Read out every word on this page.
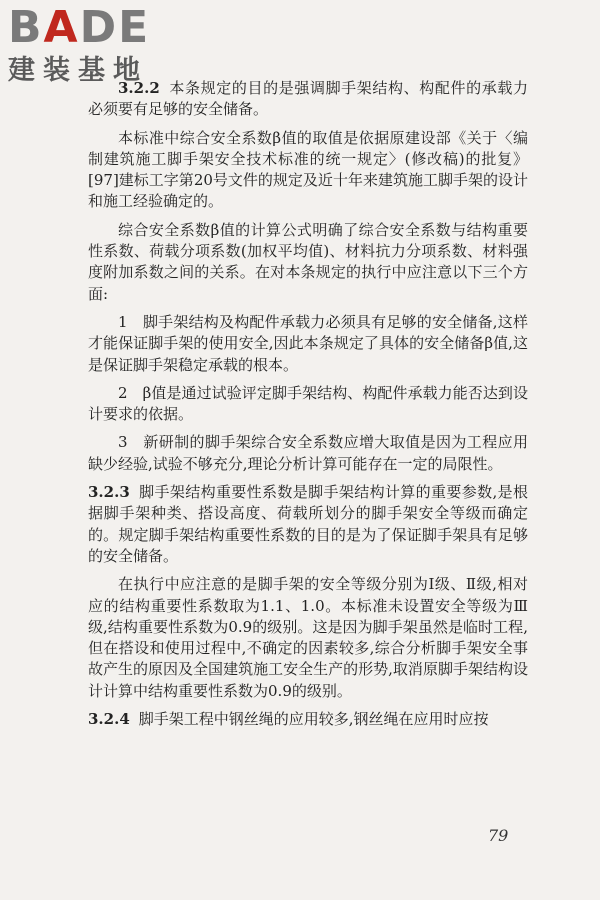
BADE
建装基地

3.2.2 本条规定的目的是强调脚手架结构、构配件的承载力必须要有足够的安全储备。

本标准中综合安全系数β值的取值是依据原建设部《关于〈编制建筑施工脚手架安全技术标准的统一规定〉(修改稿)的批复》[97]建标工字第20号文件的规定及近十年来建筑施工脚手架的设计和施工经验确定的。

综合安全系数β值的计算公式明确了综合安全系数与结构重要性系数、荷载分项系数(加权平均值)、材料抗力分项系数、材料强度附加系数之间的关系。在对本条规定的执行中应注意以下三个方面:

1　脚手架结构及构配件承载力必须具有足够的安全储备,这样才能保证脚手架的使用安全,因此本条规定了具体的安全储备β值,这是保证脚手架稳定承载的根本。

2　β值是通过试验评定脚手架结构、构配件承载力能否达到设计要求的依据。

3　新研制的脚手架综合安全系数应增大取值是因为工程应用缺少经验,试验不够充分,理论分析计算可能存在一定的局限性。

3.2.3 脚手架结构重要性系数是脚手架结构计算的重要参数,是根据脚手架种类、搭设高度、荷载所划分的脚手架安全等级而确定的。规定脚手架结构重要性系数的目的是为了保证脚手架具有足够的安全储备。

在执行中应注意的是脚手架的安全等级分别为Ⅰ级、Ⅱ级,相对应的结构重要性系数取为1.1、1.0。本标准未设置安全等级为Ⅲ级,结构重要性系数为0.9的级别。这是因为脚手架虽然是临时工程,但在搭设和使用过程中,不确定的因素较多,综合分析脚手架安全事故产生的原因及全国建筑施工安全生产的形势,取消原脚手架结构设计计算中结构重要性系数为0.9的级别。

3.2.4 脚手架工程中钢丝绳的应用较多,钢丝绳在应用时应按

79
